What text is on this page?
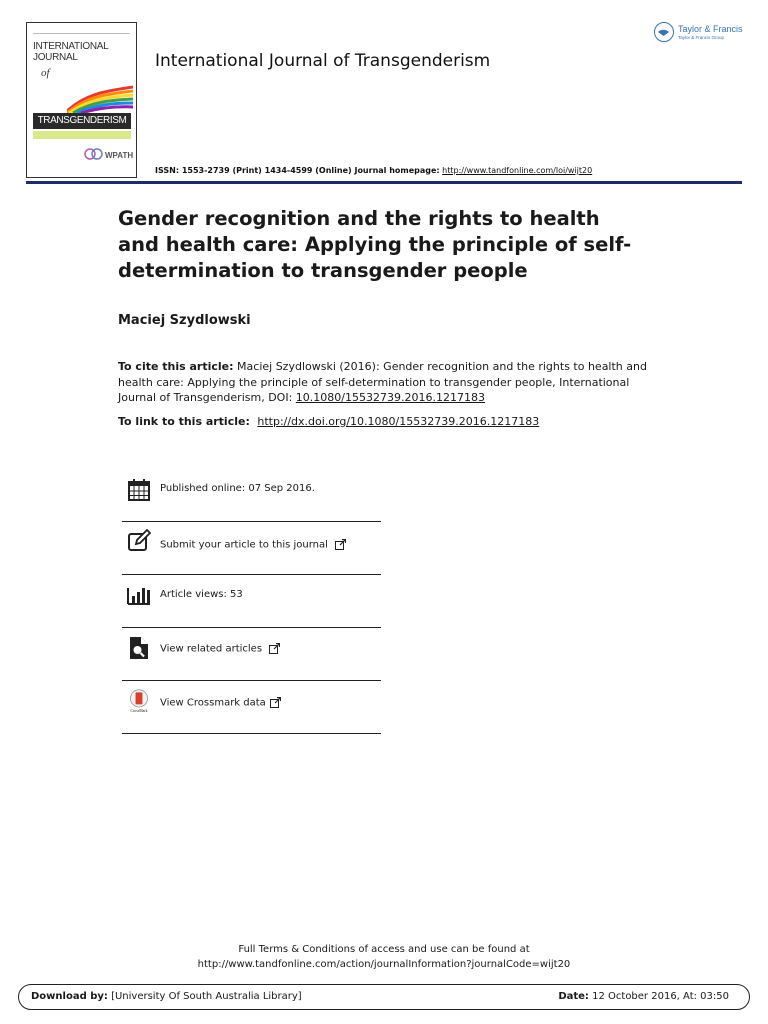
INTERNATIONAL
JOURNAL
of
TRANSGENDERISM
WPATH
International Journal of Transgenderism
Taylor & Francis
Taylor & Francis Group
ISSN: 1553-2739 (Print) 1434-4599 (Online) Journal homepage: http://www.tandfonline.com/loi/wijt20
Gender recognition and the rights to health
and health care: Applying the principle of self-
determination to transgender people
Maciej Szydlowski
To cite this article: Maciej Szydlowski (2016): Gender recognition and the rights to health and health care: Applying the principle of self-determination to transgender people, International Journal of Transgenderism, DOI: 10.1080/15532739.2016.1217183
To link to this article: http://dx.doi.org/10.1080/15532739.2016.1217183
Published online: 07 Sep 2016.
Submit your article to this journal
Article views: 53
View related articles
CrossMark
View Crossmark data
Full Terms & Conditions of access and use can be found at
http://www.tandfonline.com/action/journalInformation?journalCode=wijt20
Download by: [University Of South Australia Library]	Date: 12 October 2016, At: 03:50
